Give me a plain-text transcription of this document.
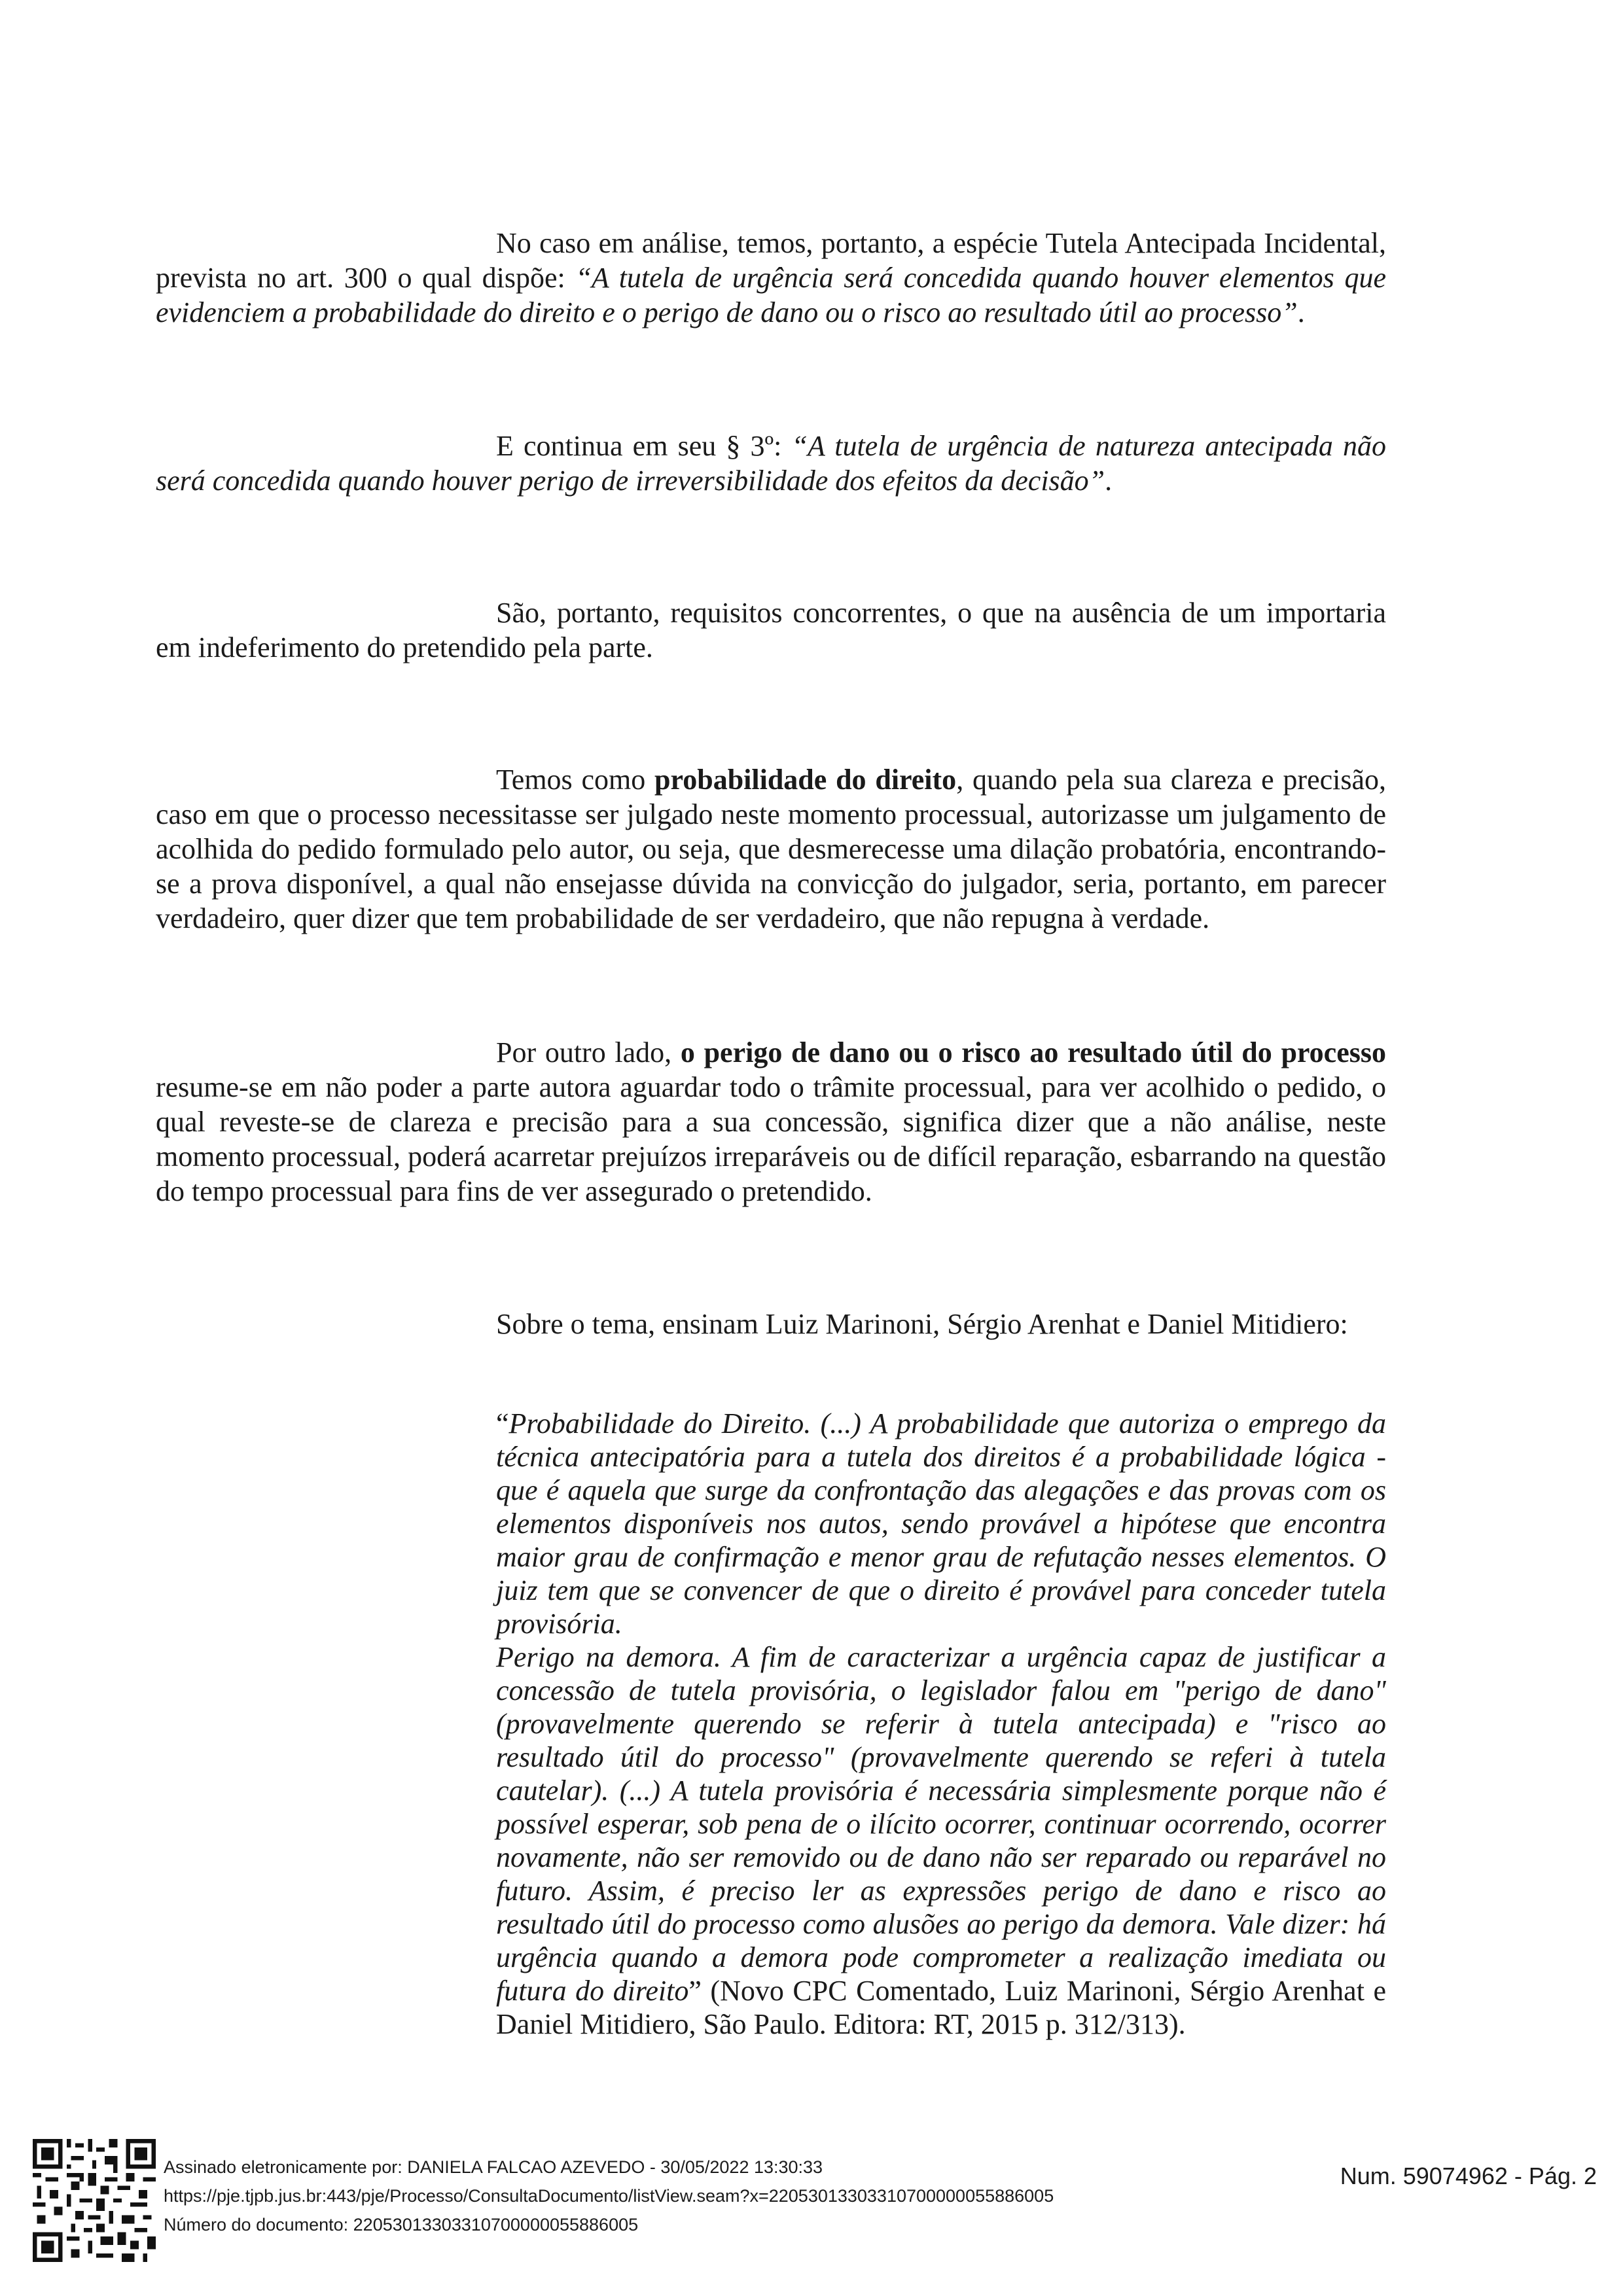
No caso em análise, temos, portanto, a espécie Tutela Antecipada Incidental, prevista no art. 300 o qual dispõe: “A tutela de urgência será concedida quando houver elementos que evidenciem a probabilidade do direito e o perigo de dano ou o risco ao resultado útil ao processo”.

E continua em seu § 3º: “A tutela de urgência de natureza antecipada não será concedida quando houver perigo de irreversibilidade dos efeitos da decisão”.

São, portanto, requisitos concorrentes, o que na ausência de um importaria em indeferimento do pretendido pela parte.

Temos como probabilidade do direito, quando pela sua clareza e precisão, caso em que o processo necessitasse ser julgado neste momento processual, autorizasse um julgamento de acolhida do pedido formulado pelo autor, ou seja, que desmerecesse uma dilação probatória, encontrando-se a prova disponível, a qual não ensejasse dúvida na convicção do julgador, seria, portanto, em parecer verdadeiro, quer dizer que tem probabilidade de ser verdadeiro, que não repugna à verdade.

Por outro lado, o perigo de dano ou o risco ao resultado útil do processo resume-se em não poder a parte autora aguardar todo o trâmite processual, para ver acolhido o pedido, o qual reveste-se de clareza e precisão para a sua concessão, significa dizer que a não análise, neste momento processual, poderá acarretar prejuízos irreparáveis ou de difícil reparação, esbarrando na questão do tempo processual para fins de ver assegurado o pretendido.

Sobre o tema, ensinam Luiz Marinoni, Sérgio Arenhat e Daniel Mitidiero:

“Probabilidade do Direito. (...) A probabilidade que autoriza o emprego da técnica antecipatória para a tutela dos direitos é a probabilidade lógica - que é aquela que surge da confrontação das alegações e das provas com os elementos disponíveis nos autos, sendo provável a hipótese que encontra maior grau de confirmação e menor grau de refutação nesses elementos. O juiz tem que se convencer de que o direito é provável para conceder tutela provisória.

Perigo na demora. A fim de caracterizar a urgência capaz de justificar a concessão de tutela provisória, o legislador falou em "perigo de dano" (provavelmente querendo se referir à tutela antecipada) e "risco ao resultado útil do processo" (provavelmente querendo se referi à tutela cautelar). (...) A tutela provisória é necessária simplesmente porque não é possível esperar, sob pena de o ilícito ocorrer, continuar ocorrendo, ocorrer novamente, não ser removido ou de dano não ser reparado ou reparável no futuro. Assim, é preciso ler as expressões perigo de dano e risco ao resultado útil do processo como alusões ao perigo da demora. Vale dizer: há urgência quando a demora pode comprometer a realização imediata ou futura do direito” (Novo CPC Comentado, Luiz Marinoni, Sérgio Arenhat e Daniel Mitidiero, São Paulo. Editora: RT, 2015 p. 312/313).

Assinado eletronicamente por: DANIELA FALCAO AZEVEDO - 30/05/2022 13:30:33
https://pje.tjpb.jus.br:443/pje/Processo/ConsultaDocumento/listView.seam?x=22053013303310700000055886005
Número do documento: 22053013303310700000055886005
Num. 59074962 - Pág. 2
